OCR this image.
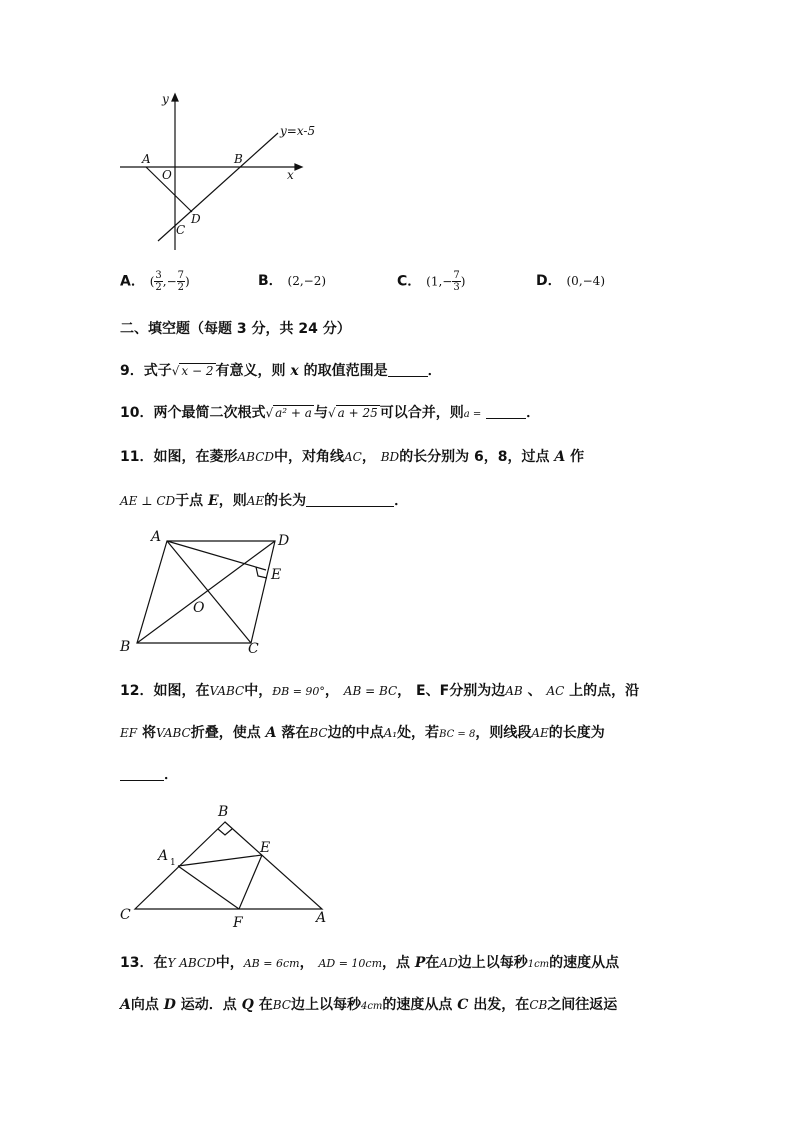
y
x
y=x-5
A
O
B
D
C
A． ( $\frac{3}{2}$ ,− $\frac{7}{2}$ )	B． (2,−2)	C． ($1,- \frac{7}{3}$ )	D． (0,−4)
二、填空题（每题 3 分，共 24 分）
9．式子√ x − 2 有意义，则 x 的取值范围是	．
10．两个最简二次根式√ a² + a 与√ a + 25 可以合并，则a =	．
11．如图，在菱形ABCD中，对角线AC， BD的长分别为 6，8，过点 A 作
AE ⊥ CD于点 E，则AE的长为	．
A	D
E
O
B	C
12．如图，在VABC中，ÐB = 90°， AB = BC， E、F分别为边AB 、 AC 上的点，沿
EF 将VABC折叠，使点 A 落在BC边的中点A₁处，若BC = 8，则线段AE的长度为
．
B
A 1
E
C	F	A
13．在Y ABCD中，AB = 6cm， AD = 10cm，点 P在AD边上以每秒1cm的速度从点
A向点 D 运动．点 Q 在BC边上以每秒4cm的速度从点 C 出发，在CB之间往返运
